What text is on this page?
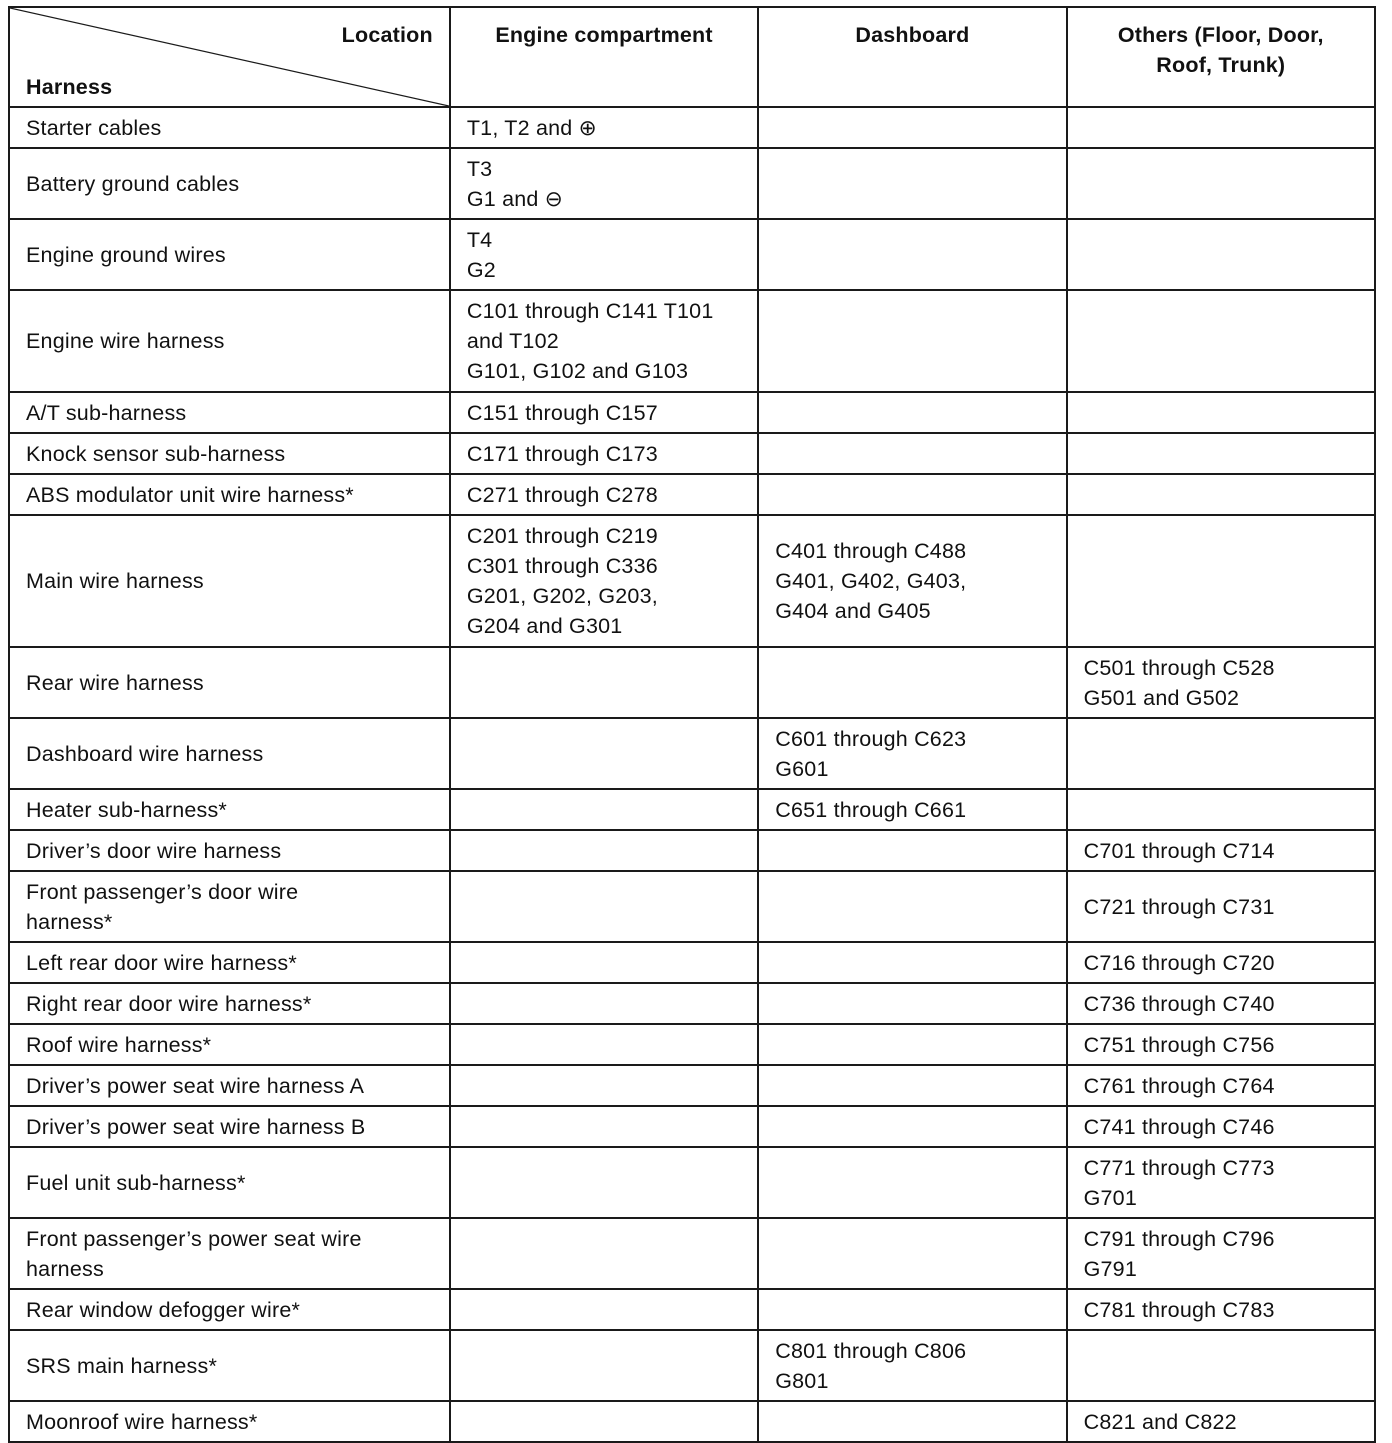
Location
Harness	Engine compartment	Dashboard	Others (Floor, Door,
Roof, Trunk)

Starter cables	T1, T2 and ⊕		

Battery ground cables	T3
G1 and ⊖		

Engine ground wires	T4
G2		

Engine wire harness	C101 through C141 T101
and T102
G101, G102 and G103		

A/T sub-harness	C151 through C157		

Knock sensor sub-harness	C171 through C173		

ABS modulator unit wire harness*	C271 through C278		

Main wire harness	C201 through C219
C301 through C336
G201, G202, G203,
G204 and G301	C401 through C488
G401, G402, G403,
G404 and G405	

Rear wire harness			C501 through C528
G501 and G502

Dashboard wire harness		C601 through C623
G601	

Heater sub-harness*		C651 through C661	

Driver’s door wire harness			C701 through C714

Front passenger’s door wire
harness*			C721 through C731

Left rear door wire harness*			C716 through C720

Right rear door wire harness*			C736 through C740

Roof wire harness*			C751 through C756

Driver’s power seat wire harness A			C761 through C764

Driver’s power seat wire harness B			C741 through C746

Fuel unit sub-harness*			C771 through C773
G701

Front passenger’s power seat wire
harness			C791 through C796
G791

Rear window defogger wire*			C781 through C783

SRS main harness*		C801 through C806
G801	

Moonroof wire harness*			C821 and C822
